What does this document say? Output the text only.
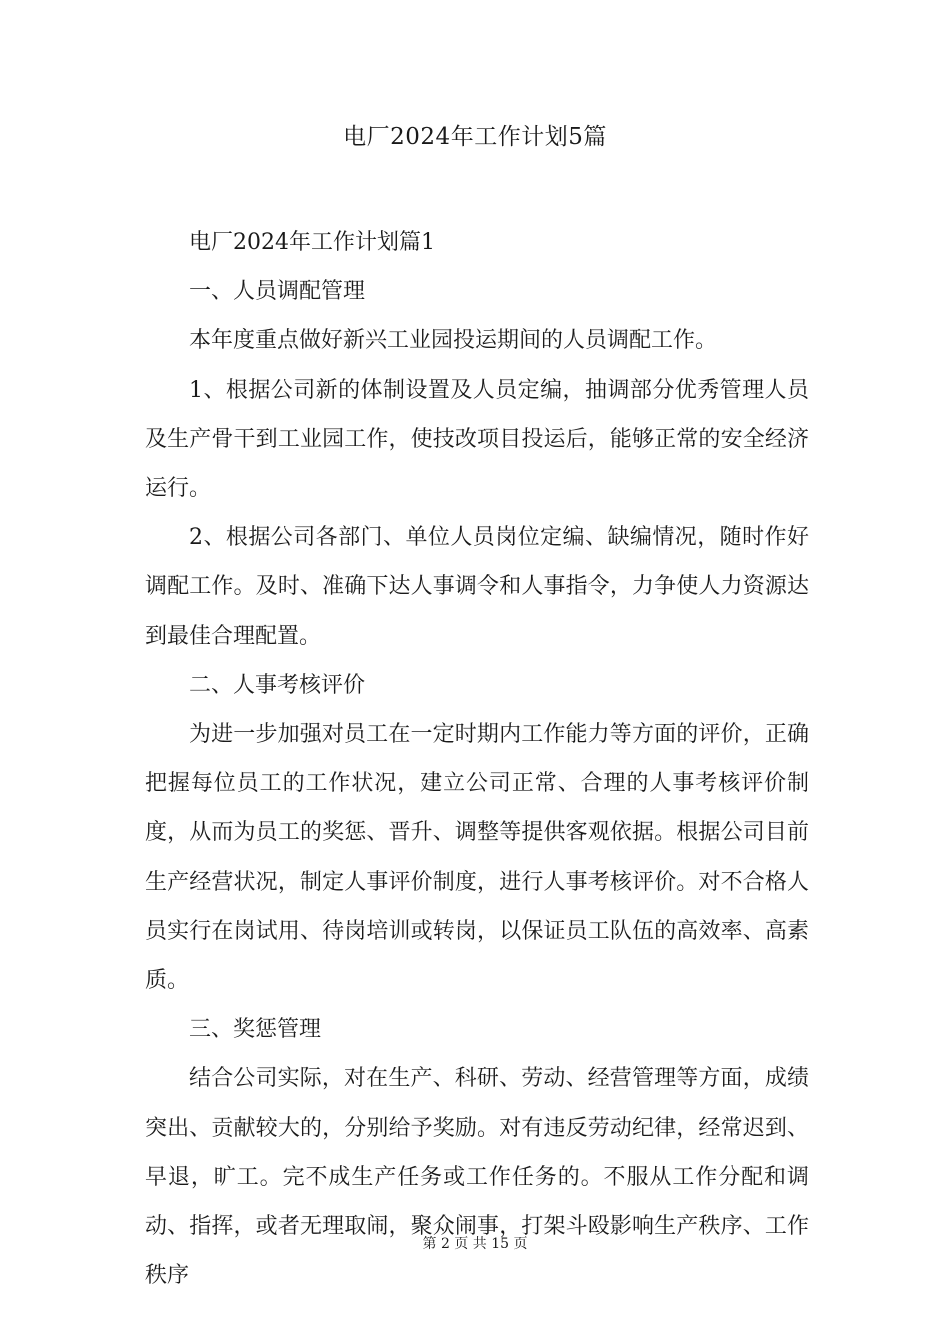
电厂2024年工作计划5篇

电厂2024年工作计划篇1

一、人员调配管理

本年度重点做好新兴工业园投运期间的人员调配工作。

1、根据公司新的体制设置及人员定编，抽调部分优秀管理人员及生产骨干到工业园工作，使技改项目投运后，能够正常的安全经济运行。

2、根据公司各部门、单位人员岗位定编、缺编情况，随时作好调配工作。及时、准确下达人事调令和人事指令，力争使人力资源达到最佳合理配置。

二、人事考核评价

为进一步加强对员工在一定时期内工作能力等方面的评价，正确把握每位员工的工作状况，建立公司正常、合理的人事考核评价制度，从而为员工的奖惩、晋升、调整等提供客观依据。根据公司目前生产经营状况，制定人事评价制度，进行人事考核评价。对不合格人员实行在岗试用、待岗培训或转岗，以保证员工队伍的高效率、高素质。

三、奖惩管理

结合公司实际，对在生产、科研、劳动、经营管理等方面，成绩突出、贡献较大的，分别给予奖励。对有违反劳动纪律，经常迟到、早退，旷工。完不成生产任务或工作任务的。不服从工作分配和调动、指挥，或者无理取闹，聚众闹事，打架斗殴影响生产秩序、工作秩序

第 2 页 共 15 页
